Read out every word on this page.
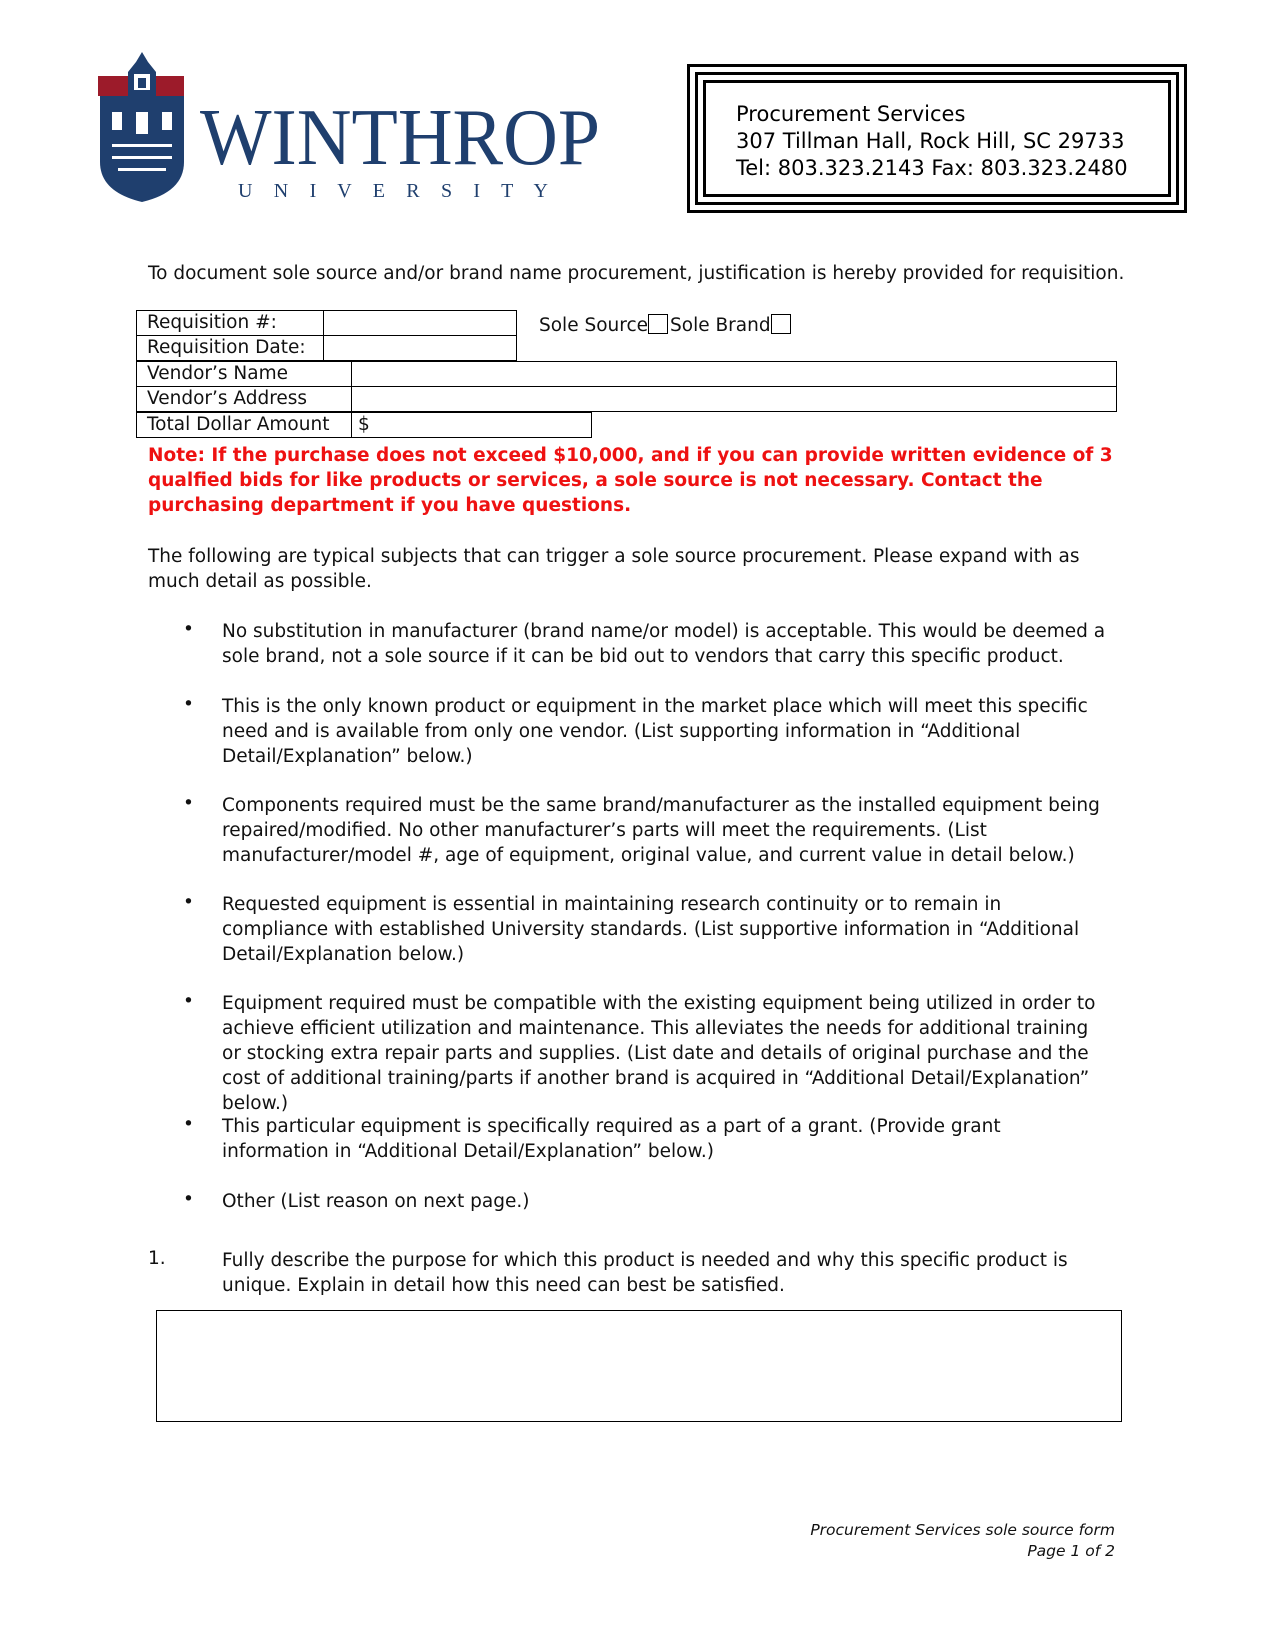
WINTHROP
U N I V E R S I T Y
Procurement Services
307 Tillman Hall, Rock Hill, SC 29733
Tel: 803.323.2143 Fax: 803.323.2480
To document sole source and/or brand name procurement, justification is hereby provided for requisition.
Requisition #:
Requisition Date:
Sole Source Sole Brand
Vendor’s Name
Vendor’s Address
Total Dollar Amount	$
Note: If the purchase does not exceed $10,000, and if you can provide written evidence of 3 qualfied bids for like products or services, a sole source is not necessary. Contact the purchasing department if you have questions.
The following are typical subjects that can trigger a sole source procurement. Please expand with as much detail as possible.
• No substitution in manufacturer (brand name/or model) is acceptable. This would be deemed a sole brand, not a sole source if it can be bid out to vendors that carry this specific product.
• This is the only known product or equipment in the market place which will meet this specific need and is available from only one vendor. (List supporting information in “Additional Detail/Explanation” below.)
• Components required must be the same brand/manufacturer as the installed equipment being repaired/modified. No other manufacturer’s parts will meet the requirements. (List manufacturer/model #, age of equipment, original value, and current value in detail below.)
• Requested equipment is essential in maintaining research continuity or to remain in compliance with established University standards. (List supportive information in “Additional Detail/Explanation below.)
• Equipment required must be compatible with the existing equipment being utilized in order to achieve efficient utilization and maintenance. This alleviates the needs for additional training or stocking extra repair parts and supplies. (List date and details of original purchase and the cost of additional training/parts if another brand is acquired in “Additional Detail/Explanation” below.)
• This particular equipment is specifically required as a part of a grant. (Provide grant information in “Additional Detail/Explanation” below.)
• Other (List reason on next page.)
1.	Fully describe the purpose for which this product is needed and why this specific product is unique. Explain in detail how this need can best be satisfied.
Procurement Services sole source form
Page 1 of 2
